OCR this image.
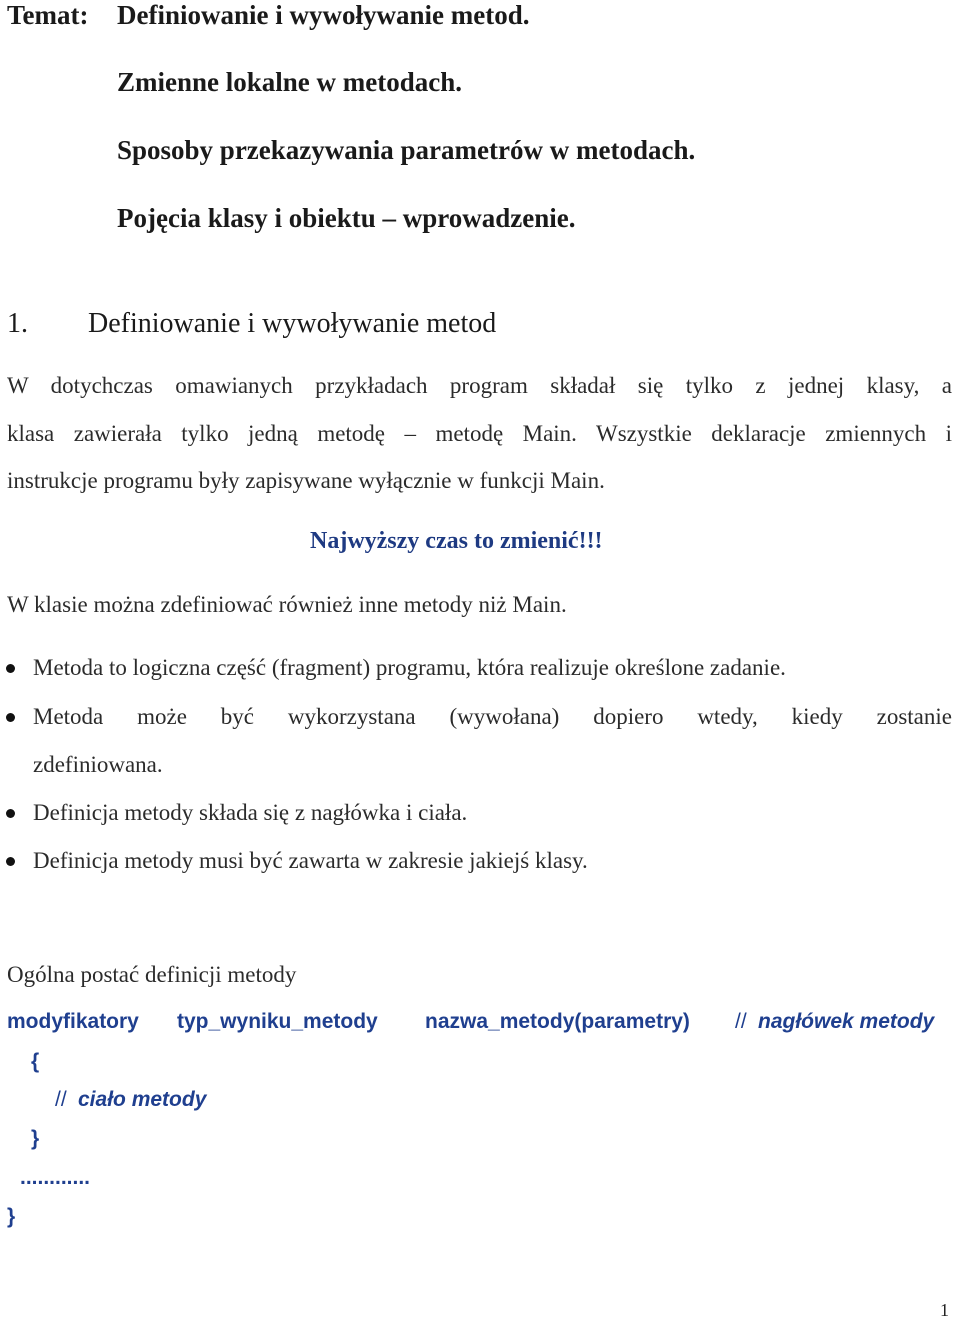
Temat: Definiowanie i wywoływanie metod.
Zmienne lokalne w metodach.
Sposoby przekazywania parametrów w metodach.
Pojęcia klasy i obiektu – wprowadzenie.
1. Definiowanie i wywoływanie metod
W dotychczas omawianych przykładach program składał się tylko z jednej klasy, a
klasa zawierała tylko jedną metodę – metodę Main. Wszystkie deklaracje zmiennych i
instrukcje programu były zapisywane wyłącznie w funkcji Main.
Najwyższy czas to zmienić!!!
W klasie można zdefiniować również inne metody niż Main.
Metoda to logiczna część (fragment) programu, która realizuje określone zadanie.
Metoda może być wykorzystana (wywołana) dopiero wtedy, kiedy zostanie
zdefiniowana.
Definicja metody składa się z nagłówka i ciała.
Definicja metody musi być zawarta w zakresie jakiejś klasy.
Ogólna postać definicji metody
modyfikatory typ_wyniku_metody nazwa_metody(parametry) // nagłówek metody
{
// ciało metody
}
............
}
1
